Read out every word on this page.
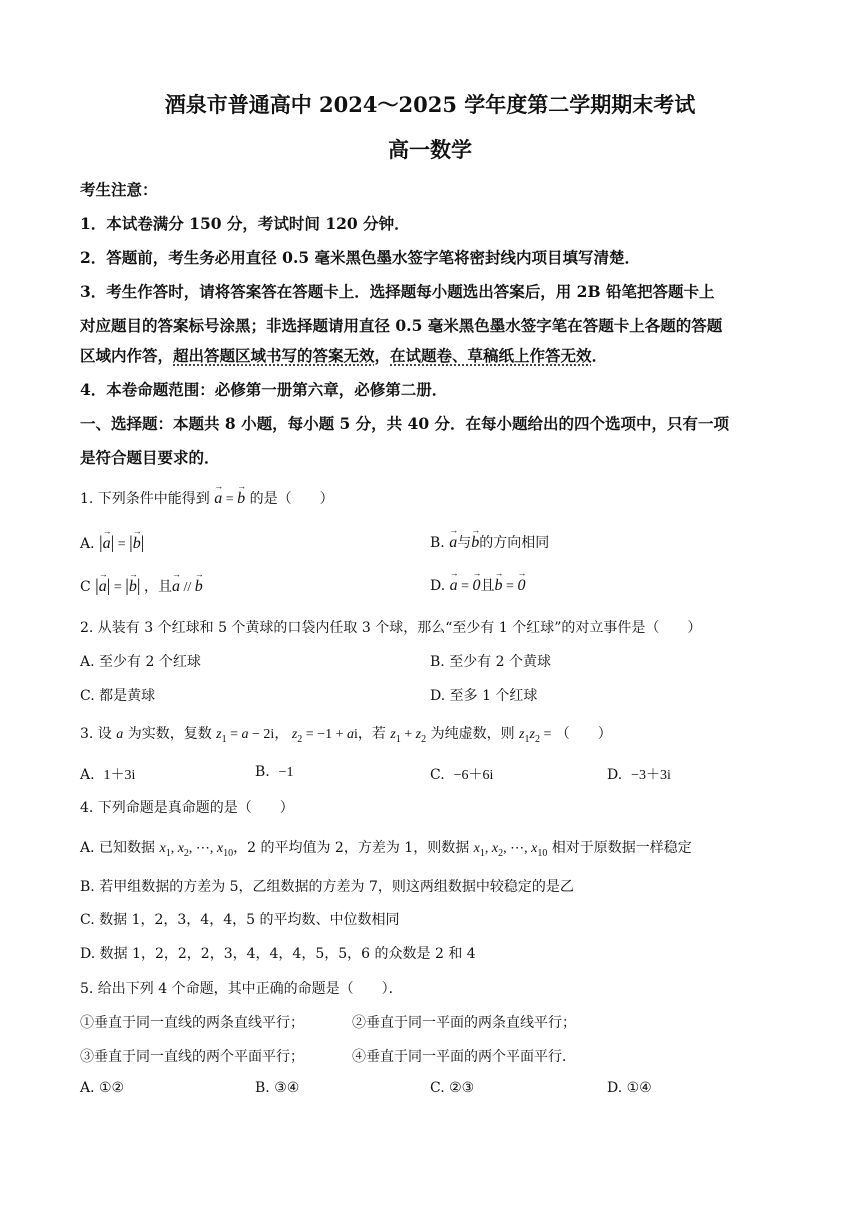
酒泉市普通高中 2024～2025 学年度第二学期期末考试
高一数学
考生注意：
1．本试卷满分 150 分，考试时间 120 分钟．
2．答题前，考生务必用直径 0.5 毫米黑色墨水签字笔将密封线内项目填写清楚．
3．考生作答时，请将答案答在答题卡上．选择题每小题选出答案后，用 2B 铅笔把答题卡上
对应题目的答案标号涂黑；非选择题请用直径 0.5 毫米黑色墨水签字笔在答题卡上各题的答题
区域内作答，超出答题区域书写的答案无效，在试题卷、草稿纸上作答无效．
4．本卷命题范围：必修第一册第六章，必修第二册．
一、选择题：本题共 8 小题，每小题 5 分，共 40 分．在每小题给出的四个选项中，只有一项
是符合题目要求的．
1. 下列条件中能得到 → a = → b 的是（　　）
A. |→ a| = |→ b|	B. → a与→ b的方向相同
C |→ a| = |→ b| ，且→ a // → b	D. → a = → 0且→ b = → 0
2. 从装有 3 个红球和 5 个黄球的口袋内任取 3 个球，那么“至少有 1 个红球”的对立事件是（　　）
A. 至少有 2 个红球	B. 至少有 2 个黄球
C. 都是黄球	D. 至多 1 个红球
3. 设 a 为实数，复数 $z_1 = a - 2i$， $z_2 = -1$ + ai，若 $z_1 + z_2$ 为纯虚数，则 $z_1z_2$ = （　　）
A.  1＋3i	B.  −1	C.  −6＋6i	D.  −3＋3i
4. 下列命题是真命题的是（　　）
A. 已知数据 $x_1$, $x_2$, ⋯, $x_{10}$，2 的平均值为 2，方差为 1，则数据 $x_1$, $x_2$, ⋯, $x_{10}$ 相对于原数据一样稳定
B. 若甲组数据的方差为 5，乙组数据的方差为 7，则这两组数据中较稳定的是乙
C. 数据 1，2，3，4，4，5 的平均数、中位数相同
D. 数据 1，2，2，2，3，4，4，4，5，5，6 的众数是 2 和 4
5. 给出下列 4 个命题，其中正确的命题是（　　）．
①垂直于同一直线的两条直线平行；	②垂直于同一平面的两条直线平行；
③垂直于同一直线的两个平面平行；	④垂直于同一平面的两个平面平行．
A. ①②	B. ③④	C. ②③	D. ①④
